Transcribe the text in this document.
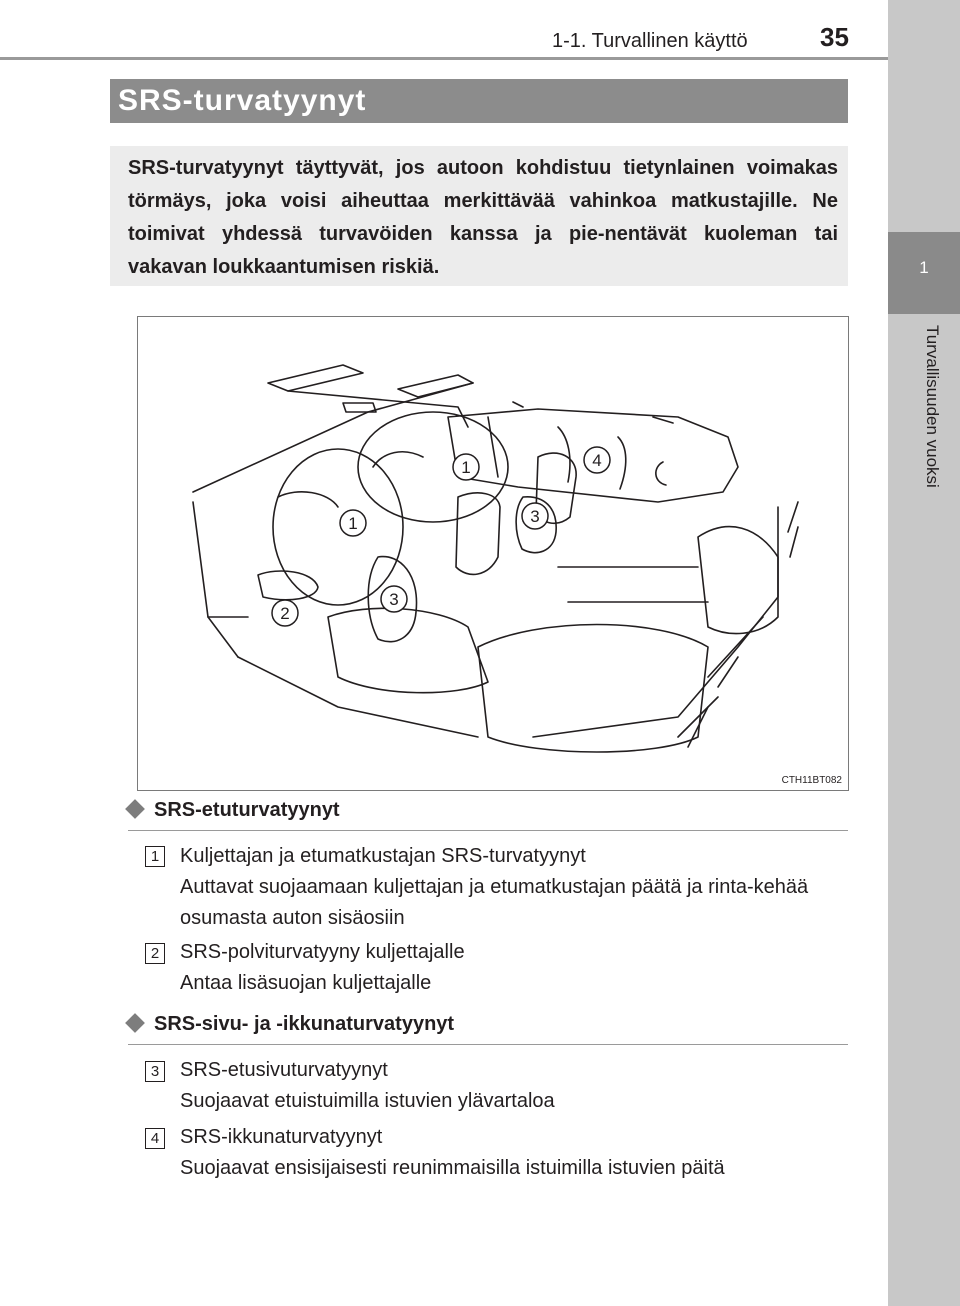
1-1. Turvallinen käyttö	35
1
Turvallisuuden vuoksi
SRS-turvatyynyt
SRS-turvatyynyt täyttyvät, jos autoon kohdistuu tietynlainen voimakas törmäys, joka voisi aiheuttaa merkittävää vahinkoa matkustajille. Ne toimivat yhdessä turvavöiden kanssa ja pie-nentävät kuoleman tai vakavan loukkaantumisen riskiä.
1
1
2
3
3
4
CTH11BT082
SRS-etuturvatyynyt
1 Kuljettajan ja etumatkustajan SRS-turvatyynyt
Auttavat suojaamaan kuljettajan ja etumatkustajan päätä ja rinta-kehää osumasta auton sisäosiin
2 SRS-polviturvatyyny kuljettajalle
Antaa lisäsuojan kuljettajalle
SRS-sivu- ja -ikkunaturvatyynyt
3 SRS-etusivuturvatyynyt
Suojaavat etuistuimilla istuvien ylävartaloa
4 SRS-ikkunaturvatyynyt
Suojaavat ensisijaisesti reunimmaisilla istuimilla istuvien päitä
